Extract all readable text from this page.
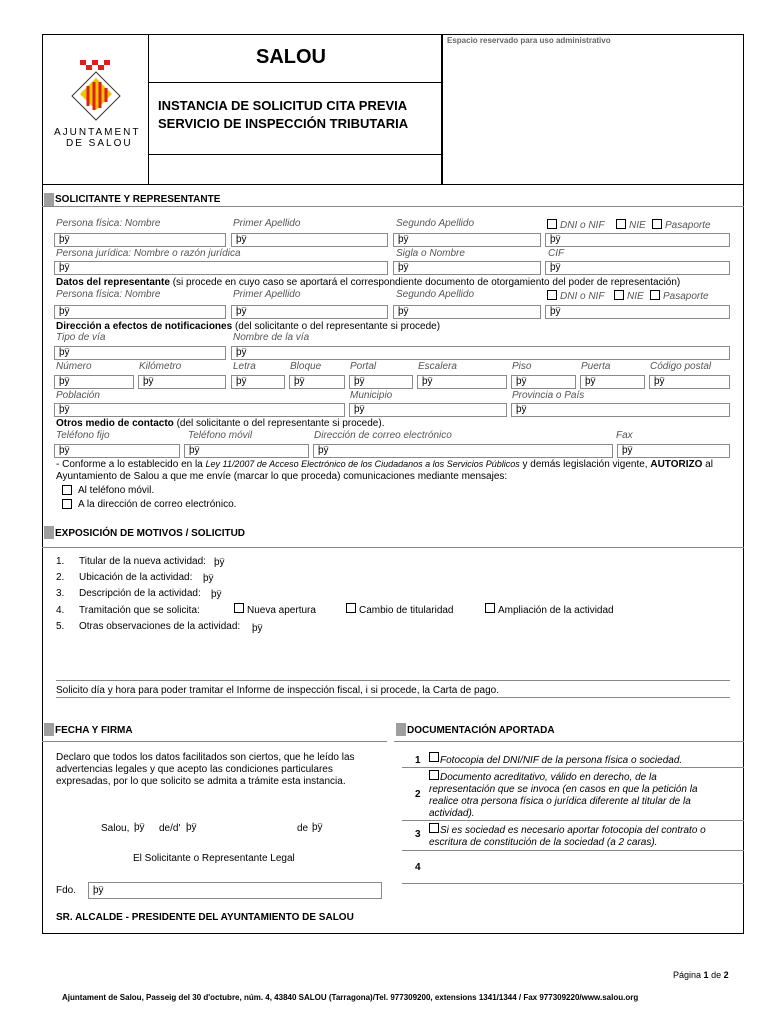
Espacio reservado para uso administrativo
SALOU
AJUNTAMENT
DE SALOU
INSTANCIA DE SOLICITUD CITA PREVIA
SERVICIO DE INSPECCIÓN TRIBUTARIA
SOLICITANTE Y REPRESENTANTE
Persona física: Nombre	Primer Apellido	Segundo Apellido	DNI o NIF NIE Pasaporte
þÿ	þÿ	þÿ	þÿ
Persona jurídica: Nombre o razón jurídica	Sigla o Nombre	CIF
þÿ	þÿ	þÿ
Datos del representante (si procede en cuyo caso se aportará el correspondiente documento de otorgamiento del poder de representación)
Persona física: Nombre	Primer Apellido	Segundo Apellido	DNI o NIF NIE Pasaporte
þÿ	þÿ	þÿ	þÿ
Dirección a efectos de notificaciones (del solicitante o del representante si procede)
Tipo de vía	Nombre de la vía
þÿ	þÿ
Número	Kilómetro	Letra	Bloque	Portal	Escalera	Piso	Puerta	Código postal
þÿ	þÿ	þÿ	þÿ	þÿ	þÿ	þÿ	þÿ	þÿ
Población	Municipio	Provincia o País
þÿ	þÿ	þÿ
Otros medio de contacto (del solicitante o del representante si procede).
Teléfono fijo	Teléfono móvil	Dirección de correo electrónico	Fax
þÿ	þÿ	þÿ	þÿ
- Conforme a lo establecido en la Ley 11/2007 de Acceso Electrónico de los Ciudadanos a los Servicios Públicos y demás legislación vigente, AUTORIZO al
Ayuntamiento de Salou a que me envíe (marcar lo que proceda) comunicaciones mediante mensajes:
Al teléfono móvil.
A la dirección de correo electrónico.
EXPOSICIÓN DE MOTIVOS / SOLICITUD
1. Titular de la nueva actividad: þÿ
2. Ubicación de la actividad: þÿ
3. Descripción de la actividad: þÿ
4. Tramitación que se solicita:	Nueva apertura	Cambio de titularidad	Ampliación de la actividad
5. Otras observaciones de la actividad: þÿ
Solicito día y hora para poder tramitar el Informe de inspección fiscal, i si procede, la Carta de pago.
FECHA Y FIRMA
Declaro que todos los datos facilitados son ciertos, que he leído las
advertencias legales y que acepto las condiciones particulares
expresadas, por lo que solicito se admita a trámite esta instancia.
Salou, þÿ de/d' þÿ	de þÿ
El Solicitante o Representante Legal
Fdo.	þÿ
SR. ALCALDE - PRESIDENTE DEL AYUNTAMIENTO DE SALOU
DOCUMENTACIÓN APORTADA
1 Fotocopia del DNI/NIF de la persona física o sociedad.
Documento acreditativo, válido en derecho, de la
2 representación que se invoca (en casos en que la petición la
realice otra persona física o jurídica diferente al titular de la
actividad).
Si es sociedad es necesario aportar fotocopia del contrato o
3
escritura de constitución de la sociedad (a 2 caras).
4
Página 1 de 2
Ajuntament de Salou, Passeig del 30 d'octubre, núm. 4, 43840 SALOU (Tarragona)/Tel. 977309200, extensions 1341/1344 / Fax 977309220/www.salou.org
